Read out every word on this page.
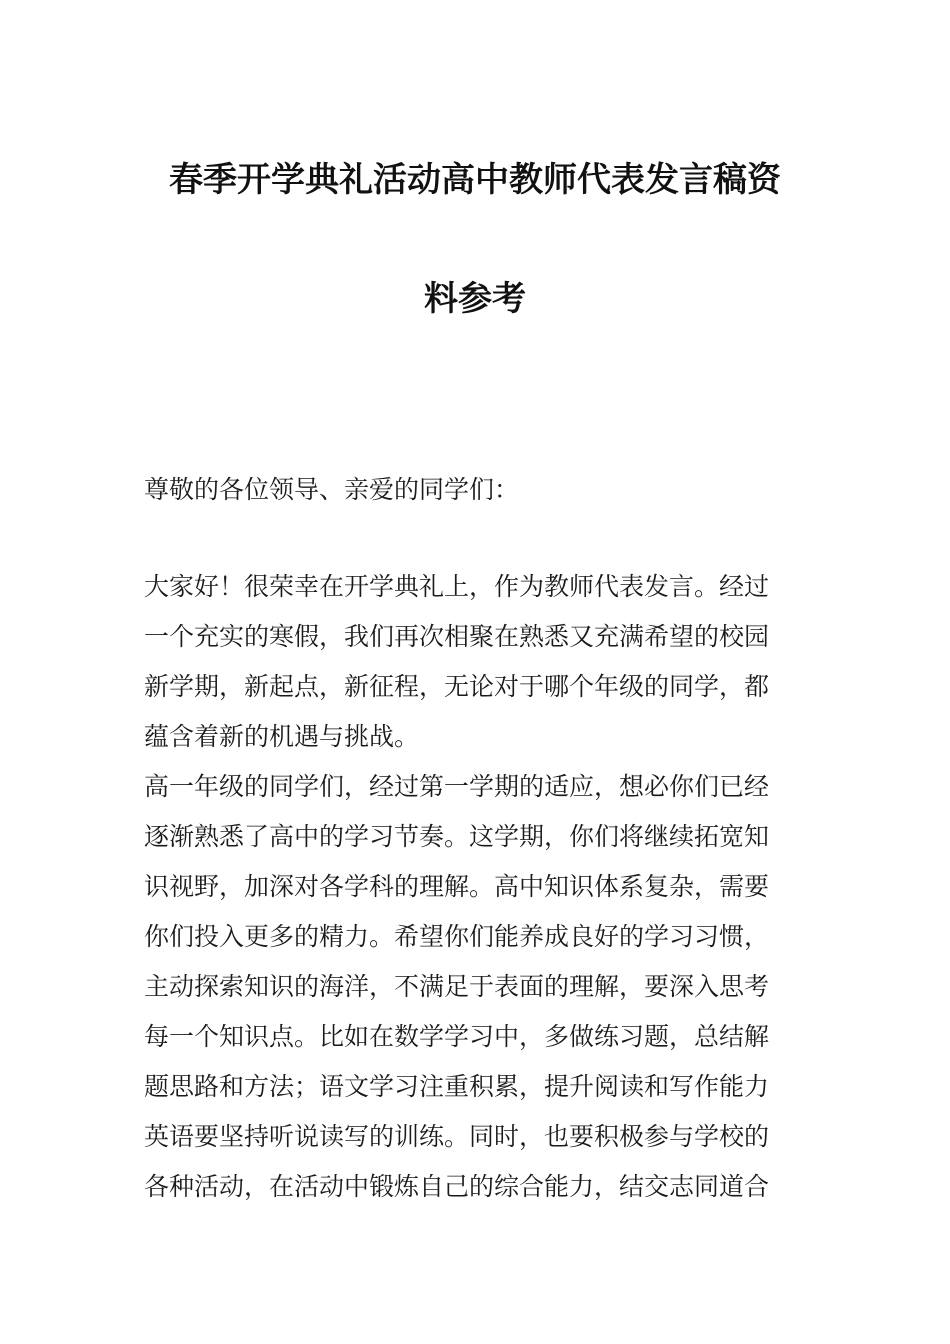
春季开学典礼活动高中教师代表发言稿资
料参考
尊敬的各位领导、亲爱的同学们：
大家好！很荣幸在开学典礼上，作为教师代表发言。经过
一个充实的寒假，我们再次相聚在熟悉又充满希望的校园
新学期，新起点，新征程，无论对于哪个年级的同学，都
蕴含着新的机遇与挑战。
高一年级的同学们，经过第一学期的适应，想必你们已经
逐渐熟悉了高中的学习节奏。这学期，你们将继续拓宽知
识视野，加深对各学科的理解。高中知识体系复杂，需要
你们投入更多的精力。希望你们能养成良好的学习习惯，
主动探索知识的海洋，不满足于表面的理解，要深入思考
每一个知识点。比如在数学学习中，多做练习题，总结解
题思路和方法；语文学习注重积累，提升阅读和写作能力
英语要坚持听说读写的训练。同时，也要积极参与学校的
各种活动，在活动中锻炼自己的综合能力，结交志同道合
